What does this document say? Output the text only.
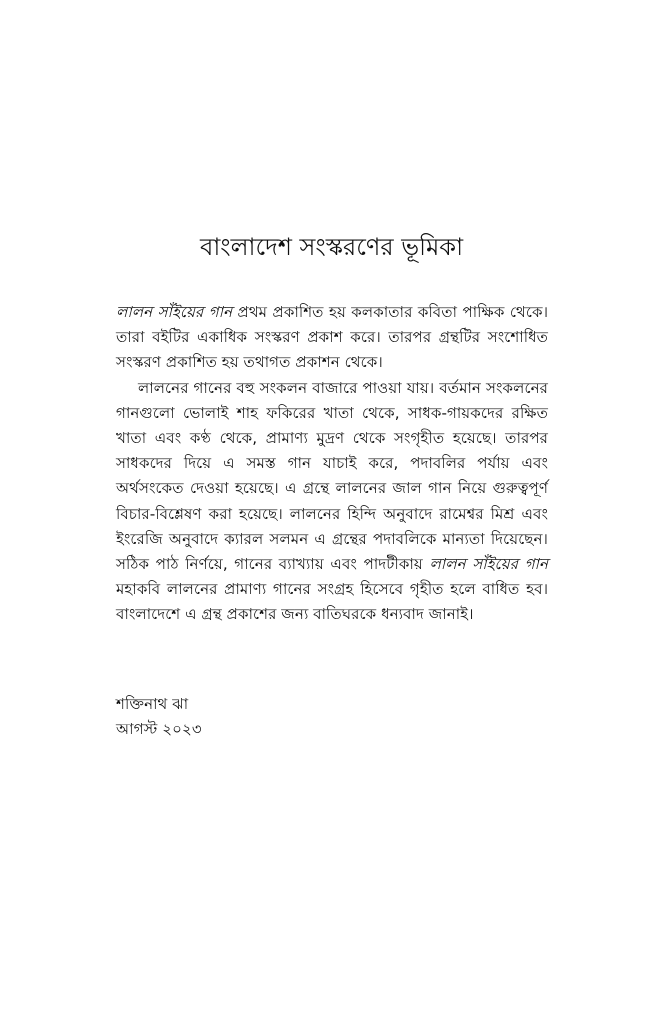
বাংলাদেশ সংস্করণের ভূমিকা

লালন সাঁইয়ের গান প্রথম প্রকাশিত হয় কলকাতার কবিতা পাক্ষিক থেকে। তারা বইটির একাধিক সংস্করণ প্রকাশ করে। তারপর গ্রন্থটির সংশোধিত সংস্করণ প্রকাশিত হয় তথাগত প্রকাশন থেকে।

লালনের গানের বহু সংকলন বাজারে পাওয়া যায়। বর্তমান সংকলনের গানগুলো ভোলাই শাহ ফকিরের খাতা থেকে, সাধক-গায়কদের রক্ষিত খাতা এবং কণ্ঠ থেকে, প্রামাণ্য মুদ্রণ থেকে সংগৃহীত হয়েছে। তারপর সাধকদের দিয়ে এ সমস্ত গান যাচাই করে, পদাবলির পর্যায় এবং অর্থসংকেত দেওয়া হয়েছে। এ গ্রন্থে লালনের জাল গান নিয়ে গুরুত্বপূর্ণ বিচার-বিশ্লেষণ করা হয়েছে। লালনের হিন্দি অনুবাদে রামেশ্বর মিশ্র এবং ইংরেজি অনুবাদে ক্যারল সলমন এ গ্রন্থের পদাবলিকে মান্যতা দিয়েছেন। সঠিক পাঠ নির্ণয়ে, গানের ব্যাখ্যায় এবং পাদটীকায় লালন সাঁইয়ের গান মহাকবি লালনের প্রামাণ্য গানের সংগ্রহ হিসেবে গৃহীত হলে বাধিত হব। বাংলাদেশে এ গ্রন্থ প্রকাশের জন্য বাতিঘরকে ধন্যবাদ জানাই।

শক্তিনাথ ঝা
আগস্ট ২০২৩
